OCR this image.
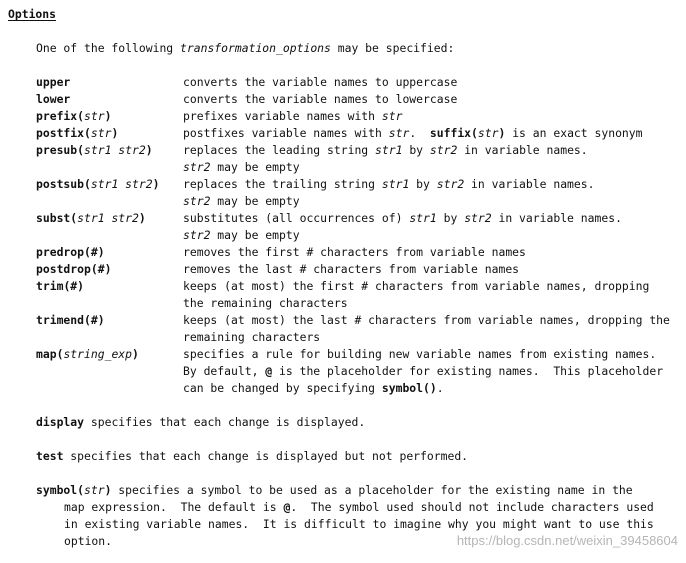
Options
One of the following transformation_options may be specified:
upper	converts the variable names to uppercase
lower	converts the variable names to lowercase
prefix(str)	prefixes variable names with str
postfix(str)	postfixes variable names with str.  suffix(str) is an exact synonym
presub(str1 str2)	replaces the leading string str1 by str2 in variable names.
str2 may be empty
postsub(str1 str2) replaces the trailing string str1 by str2 in variable names.
str2 may be empty
subst(str1 str2)	substitutes (all occurrences of) str1 by str2 in variable names.
str2 may be empty
predrop(#)	removes the first # characters from variable names
postdrop(#)	removes the last # characters from variable names
trim(#)	keeps (at most) the first # characters from variable names, dropping
the remaining characters
trimend(#)	keeps (at most) the last # characters from variable names, dropping the
remaining characters
map(string_exp)	specifies a rule for building new variable names from existing names.
By default, @ is the placeholder for existing names.  This placeholder
can be changed by specifying symbol().
display specifies that each change is displayed.
test specifies that each change is displayed but not performed.
symbol(str) specifies a symbol to be used as a placeholder for the existing name in the
map expression.  The default is @.  The symbol used should not include characters used
in existing variable names.  It is difficult to imagine why you might want to use this
option.	https://blog.csdn.net/weixin_39458604
